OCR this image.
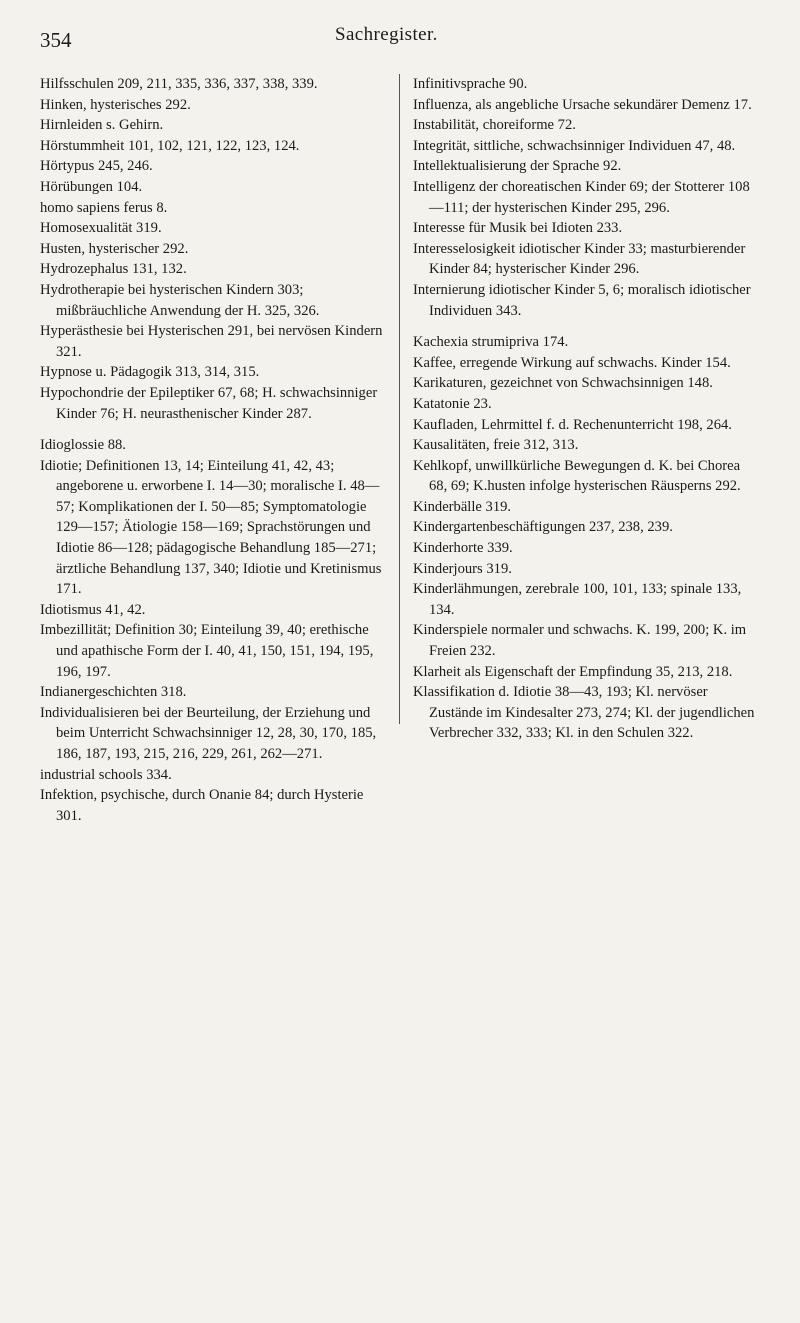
354	Sachregister.
Hilfsschulen 209, 211, 335, 336, 337, 338, 339.
Hinken, hysterisches 292.
Hirnleiden s. Gehirn.
Hörstummheit 101, 102, 121, 122, 123, 124.
Hörtypus 245, 246.
Hörübungen 104.
homo sapiens ferus 8.
Homosexualität 319.
Husten, hysterischer 292.
Hydrozephalus 131, 132.
Hydrotherapie bei hysterischen Kindern 303; mißbräuchliche Anwendung der H. 325, 326.
Hyperästhesie bei Hysterischen 291, bei nervösen Kindern 321.
Hypnose u. Pädagogik 313, 314, 315.
Hypochondrie der Epileptiker 67, 68; H. schwachsinniger Kinder 76; H. neurasthenischer Kinder 287.
Idioglossie 88.
Idiotie; Definitionen 13, 14; Einteilung 41, 42, 43; angeborene u. erworbene I. 14—30; moralische I. 48—57; Komplikationen der I. 50—85; Symptomatologie 129—157; Ätiologie 158—169; Sprachstörungen und Idiotie 86—128; pädagogische Behandlung 185—271; ärztliche Behandlung 137, 340; Idiotie und Kretinismus 171.
Idiotismus 41, 42.
Imbezillität; Definition 30; Einteilung 39, 40; erethische und apathische Form der I. 40, 41, 150, 151, 194, 195, 196, 197.
Indianergeschichten 318.
Individualisieren bei der Beurteilung, der Erziehung und beim Unterricht Schwachsinniger 12, 28, 30, 170, 185, 186, 187, 193, 215, 216, 229, 261, 262—271.
industrial schools 334.
Infektion, psychische, durch Onanie 84; durch Hysterie 301.
Infinitivsprache 90.
Influenza, als angebliche Ursache sekundärer Demenz 17.
Instabilität, choreiforme 72.
Integrität, sittliche, schwachsinniger Individuen 47, 48.
Intellektualisierung der Sprache 92.
Intelligenz der choreatischen Kinder 69; der Stotterer 108—111; der hysterischen Kinder 295, 296.
Interesse für Musik bei Idioten 233.
Interesselosigkeit idiotischer Kinder 33; masturbierender Kinder 84; hysterischer Kinder 296.
Internierung idiotischer Kinder 5, 6; moralisch idiotischer Individuen 343.
Kachexia strumipriva 174.
Kaffee, erregende Wirkung auf schwachs. Kinder 154.
Karikaturen, gezeichnet von Schwachsinnigen 148.
Katatonie 23.
Kaufladen, Lehrmittel f. d. Rechenunterricht 198, 264.
Kausalitäten, freie 312, 313.
Kehlkopf, unwillkürliche Bewegungen d. K. bei Chorea 68, 69; K.husten infolge hysterischen Räusperns 292.
Kinderbälle 319.
Kindergartenbeschäftigungen 237, 238, 239.
Kinderhorte 339.
Kinderjours 319.
Kinderlähmungen, zerebrale 100, 101, 133; spinale 133, 134.
Kinderspiele normaler und schwachs. K. 199, 200; K. im Freien 232.
Klarheit als Eigenschaft der Empfindung 35, 213, 218.
Klassifikation d. Idiotie 38—43, 193; Kl. nervöser Zustände im Kindesalter 273, 274; Kl. der jugendlichen Verbrecher 332, 333; Kl. in den Schulen 322.
